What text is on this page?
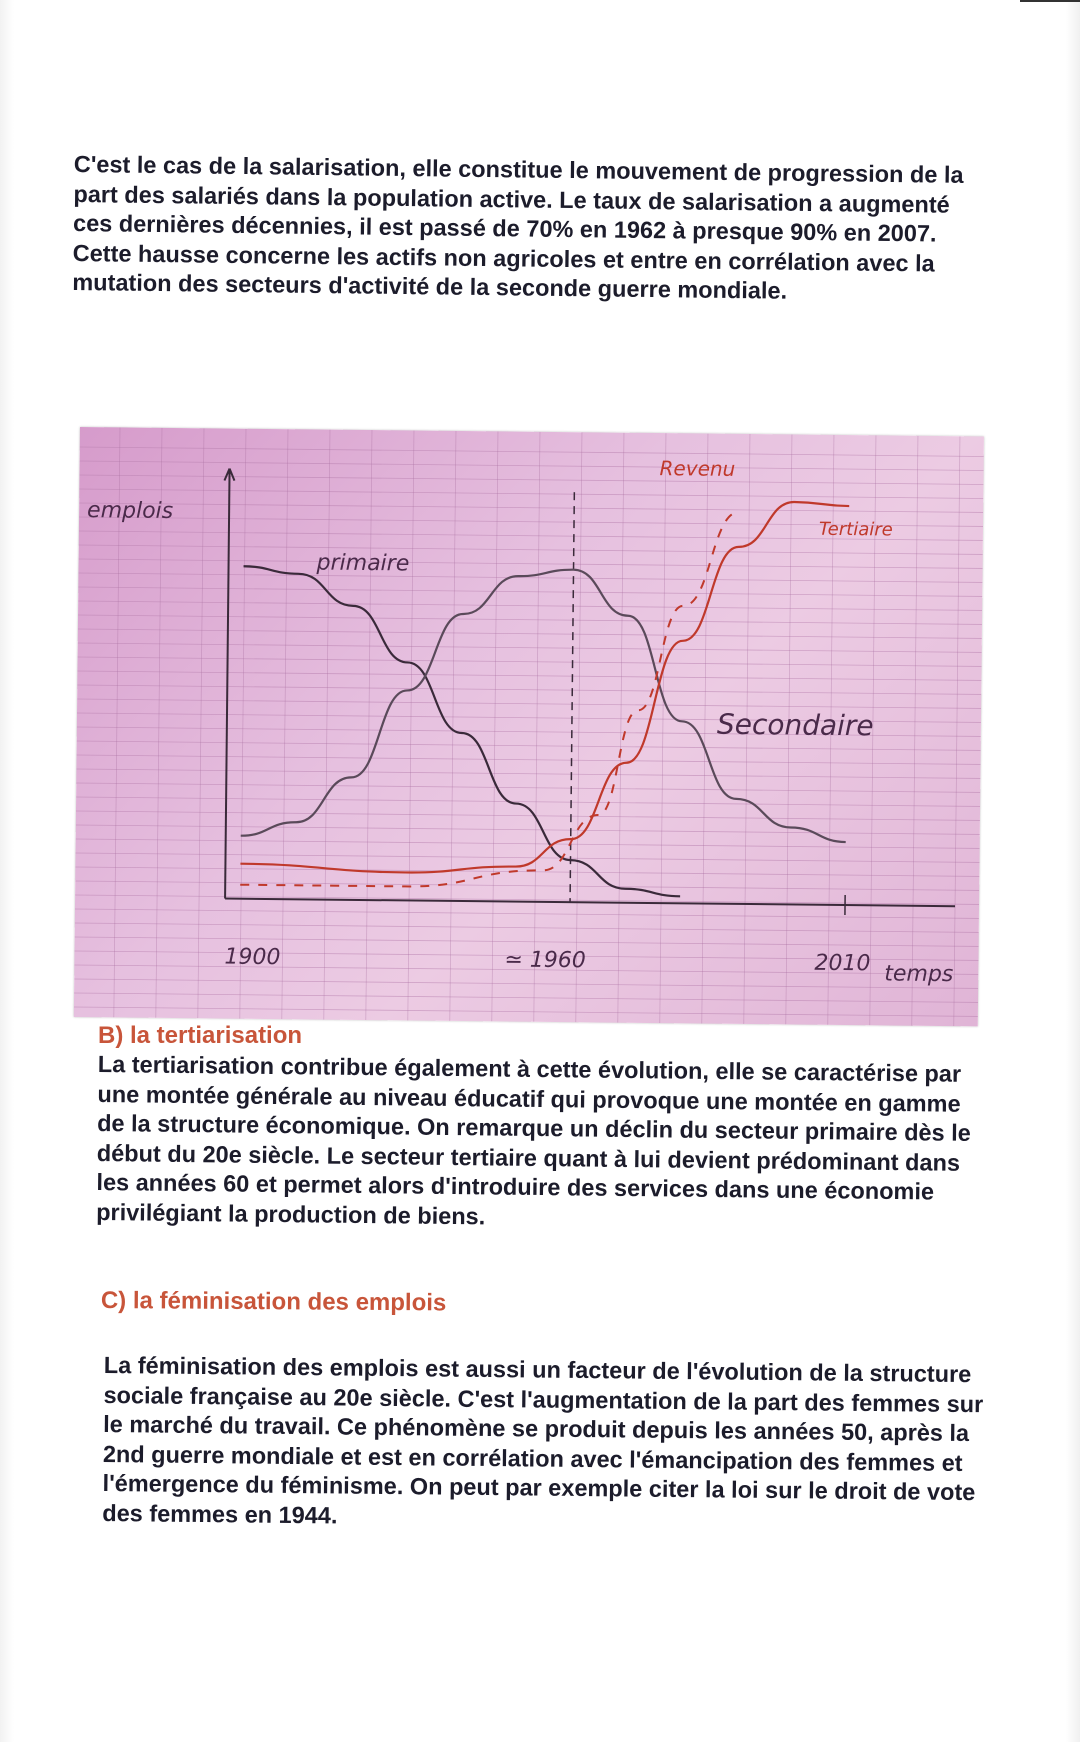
C'est le cas de la salarisation, elle constitue le mouvement de progression de la part des salariés dans la population active. Le taux de salarisation a augmenté ces dernières décennies, il est passé de 70% en 1962 à presque 90% en 2007. Cette hausse concerne les actifs non agricoles et entre en corrélation avec la mutation des secteurs d'activité de la seconde guerre mondiale.

emplois
temps
1900	≃ 1960	2010
primaire
Secondaire
Revenu
Tertiaire

B) la tertiarisation

La tertiarisation contribue également à cette évolution, elle se caractérise par une montée générale au niveau éducatif qui provoque une montée en gamme de la structure économique. On remarque un déclin du secteur primaire dès le début du 20e siècle. Le secteur tertiaire quant à lui devient prédominant dans les années 60 et permet alors d'introduire des services dans une économie privilégiant la production de biens.

C) la féminisation des emplois

La féminisation des emplois est aussi un facteur de l'évolution de la structure sociale française au 20e siècle. C'est l'augmentation de la part des femmes sur le marché du travail. Ce phénomène se produit depuis les années 50, après la 2nd guerre mondiale et est en corrélation avec l'émancipation des femmes et l'émergence du féminisme. On peut par exemple citer la loi sur le droit de vote des femmes en 1944.
